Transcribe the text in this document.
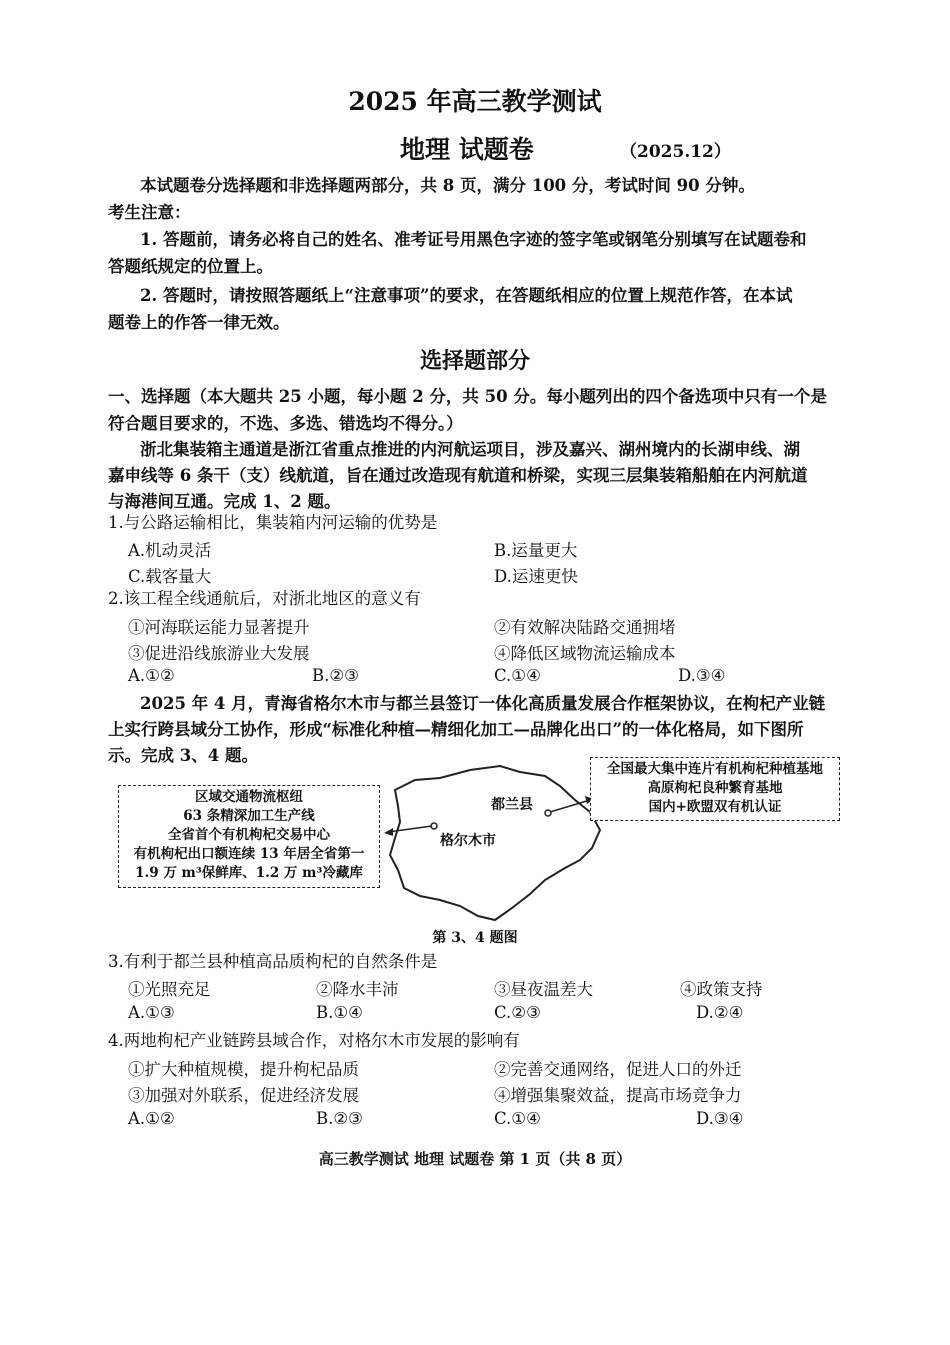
2025 年高三教学测试
地理 试题卷	（2025.12）
本试题卷分选择题和非选择题两部分，共 8 页，满分 100 分，考试时间 90 分钟。
考生注意：
1. 答题前，请务必将自己的姓名、准考证号用黑色字迹的签字笔或钢笔分别填写在试题卷和
答题纸规定的位置上。
2. 答题时，请按照答题纸上“注意事项”的要求，在答题纸相应的位置上规范作答，在本试
题卷上的作答一律无效。
选择题部分
一、选择题（本大题共 25 小题，每小题 2 分，共 50 分。每小题列出的四个备选项中只有一个是
符合题目要求的，不选、多选、错选均不得分。）
浙北集装箱主通道是浙江省重点推进的内河航运项目，涉及嘉兴、湖州境内的长湖申线、湖
嘉申线等 6 条干（支）线航道，旨在通过改造现有航道和桥梁，实现三层集装箱船舶在内河航道
与海港间互通。完成 1、2 题。
1.与公路运输相比，集装箱内河运输的优势是
A.机动灵活	B.运量更大
C.载客量大	D.运速更快
2.该工程全线通航后，对浙北地区的意义有
①河海联运能力显著提升	②有效解决陆路交通拥堵
③促进沿线旅游业大发展	④降低区域物流运输成本
A.①②	B.②③	C.①④	D.③④
2025 年 4 月，青海省格尔木市与都兰县签订一体化高质量发展合作框架协议，在枸杞产业链
上实行跨县域分工协作，形成“标准化种植—精细化加工—品牌化出口”的一体化格局，如下图所
示。完成 3、4 题。
都兰县
格尔木市
区域交通物流枢纽
63 条精深加工生产线
全省首个有机枸杞交易中心
有机枸杞出口额连续 13 年居全省第一
1.9 万 m³保鲜库、1.2 万 m³冷藏库
全国最大集中连片有机枸杞种植基地
高原枸杞良种繁育基地
国内+欧盟双有机认证
第 3、4 题图
3.有利于都兰县种植高品质枸杞的自然条件是
①光照充足	②降水丰沛	③昼夜温差大	④政策支持
A.①③	B.①④	C.②③	D.②④
4.两地枸杞产业链跨县域合作，对格尔木市发展的影响有
①扩大种植规模，提升枸杞品质	②完善交通网络，促进人口的外迁
③加强对外联系，促进经济发展	④增强集聚效益，提高市场竞争力
A.①②	B.②③	C.①④	D.③④
高三教学测试 地理 试题卷 第 1 页（共 8 页）
